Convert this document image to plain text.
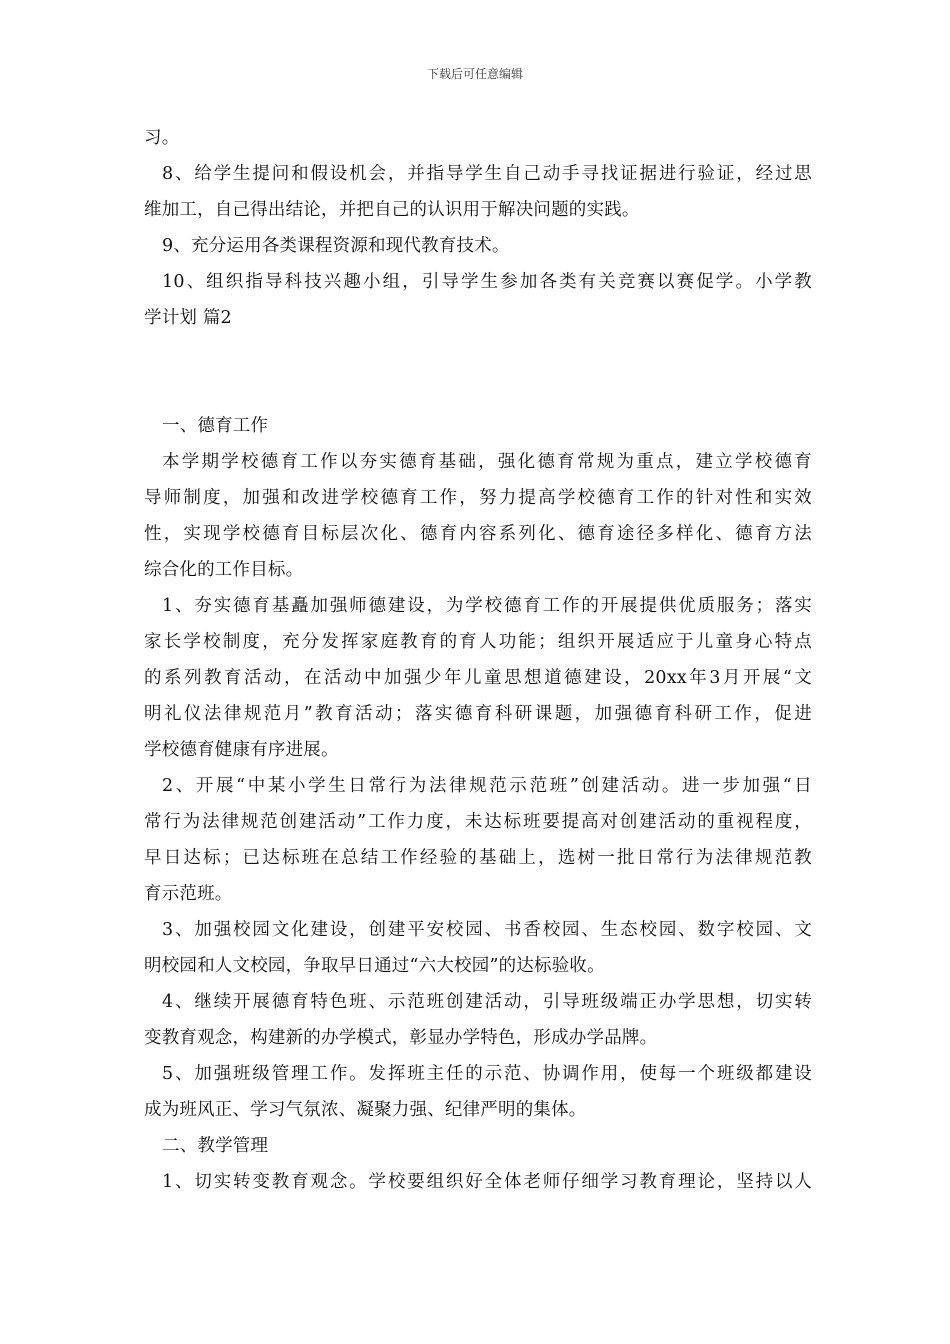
下载后可任意编辑
习。
8、给学生提问和假设机会，并指导学生自己动手寻找证据进行验证，经过思
维加工，自己得出结论，并把自己的认识用于解决问题的实践。
9、充分运用各类课程资源和现代教育技术。
10、组织指导科技兴趣小组，引导学生参加各类有关竞赛以赛促学。小学教
学计划 篇2
一、德育工作
本学期学校德育工作以夯实德育基础，强化德育常规为重点，建立学校德育
导师制度，加强和改进学校德育工作，努力提高学校德育工作的针对性和实效
性，实现学校德育目标层次化、德育内容系列化、德育途径多样化、德育方法
综合化的工作目标。
1、夯实德育基矗加强师德建设，为学校德育工作的开展提供优质服务；落实
家长学校制度，充分发挥家庭教育的育人功能；组织开展适应于儿童身心特点
的系列教育活动，在活动中加强少年儿童思想道德建设，20xx年3月开展“文
明礼仪法律规范月”教育活动；落实德育科研课题，加强德育科研工作，促进
学校德育健康有序进展。
2、开展“中某小学生日常行为法律规范示范班”创建活动。进一步加强“日
常行为法律规范创建活动”工作力度，未达标班要提高对创建活动的重视程度，
早日达标；已达标班在总结工作经验的基础上，选树一批日常行为法律规范教
育示范班。
3、加强校园文化建设，创建平安校园、书香校园、生态校园、数字校园、文
明校园和人文校园，争取早日通过“六大校园”的达标验收。
4、继续开展德育特色班、示范班创建活动，引导班级端正办学思想，切实转
变教育观念，构建新的办学模式，彰显办学特色，形成办学品牌。
5、加强班级管理工作。发挥班主任的示范、协调作用，使每一个班级都建设
成为班风正、学习气氛浓、凝聚力强、纪律严明的集体。
二、教学管理
1、切实转变教育观念。学校要组织好全体老师仔细学习教育理论，坚持以人
